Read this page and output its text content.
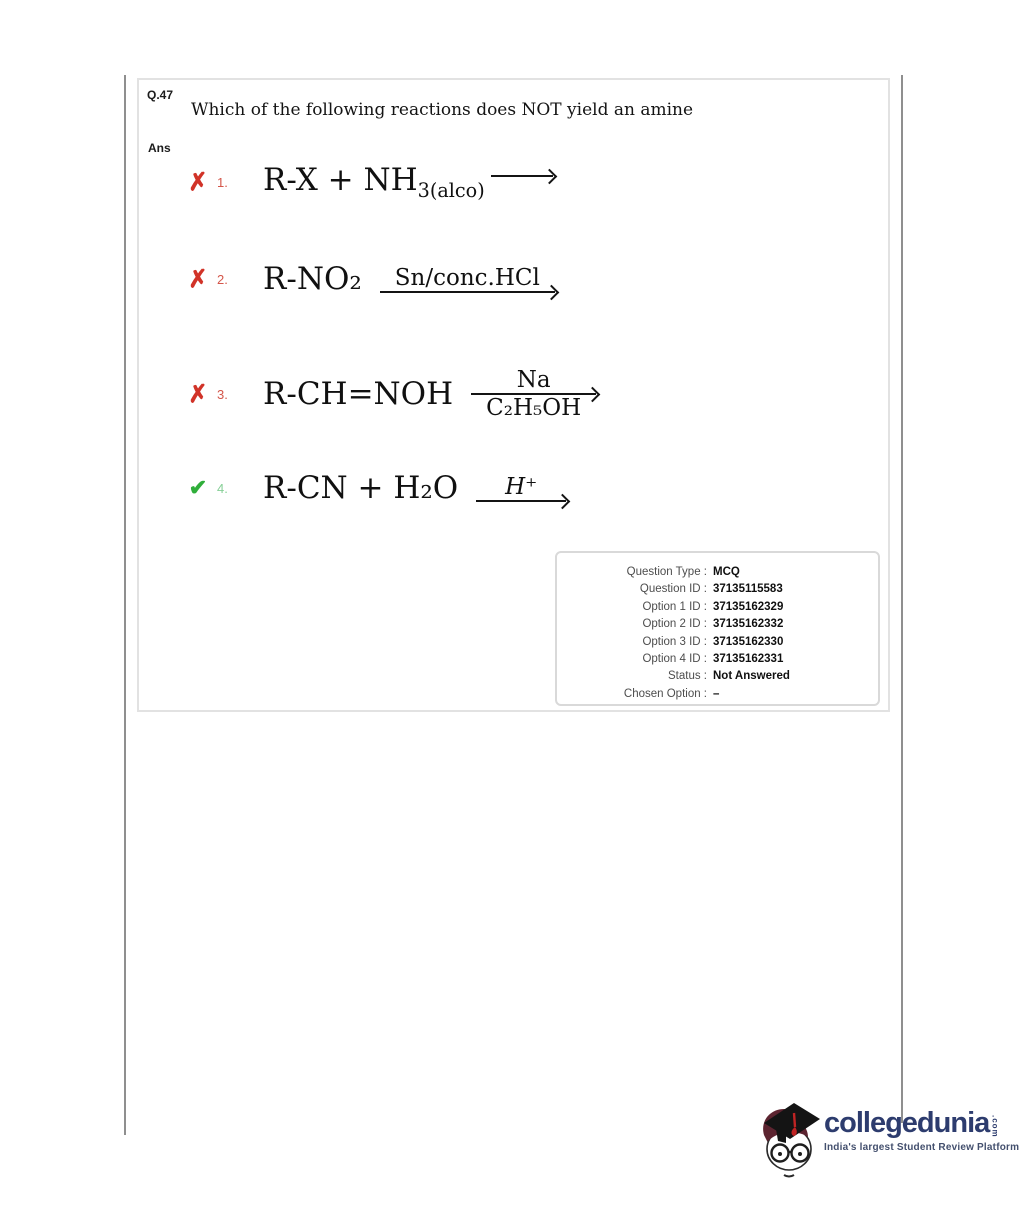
Q.47
Which of the following reactions does NOT yield an amine
Ans
✗ 1. $R-X + NH_{3(alco)}$
✗ 2. R-NO₂	Sn/conc.HCl
✗ 3. R-CH=NOH	Na
C₂H₅OH
✔ 4. R-CN + H₂O	H⁺
Question Type : MCQ
Question ID : 37135115583
Option 1 ID : 37135162329
Option 2 ID : 37135162332
Option 3 ID : 37135162330
Option 4 ID : 37135162331
Status : Not Answered
Chosen Option : –
collegedunia .com
India's largest Student Review Platform
